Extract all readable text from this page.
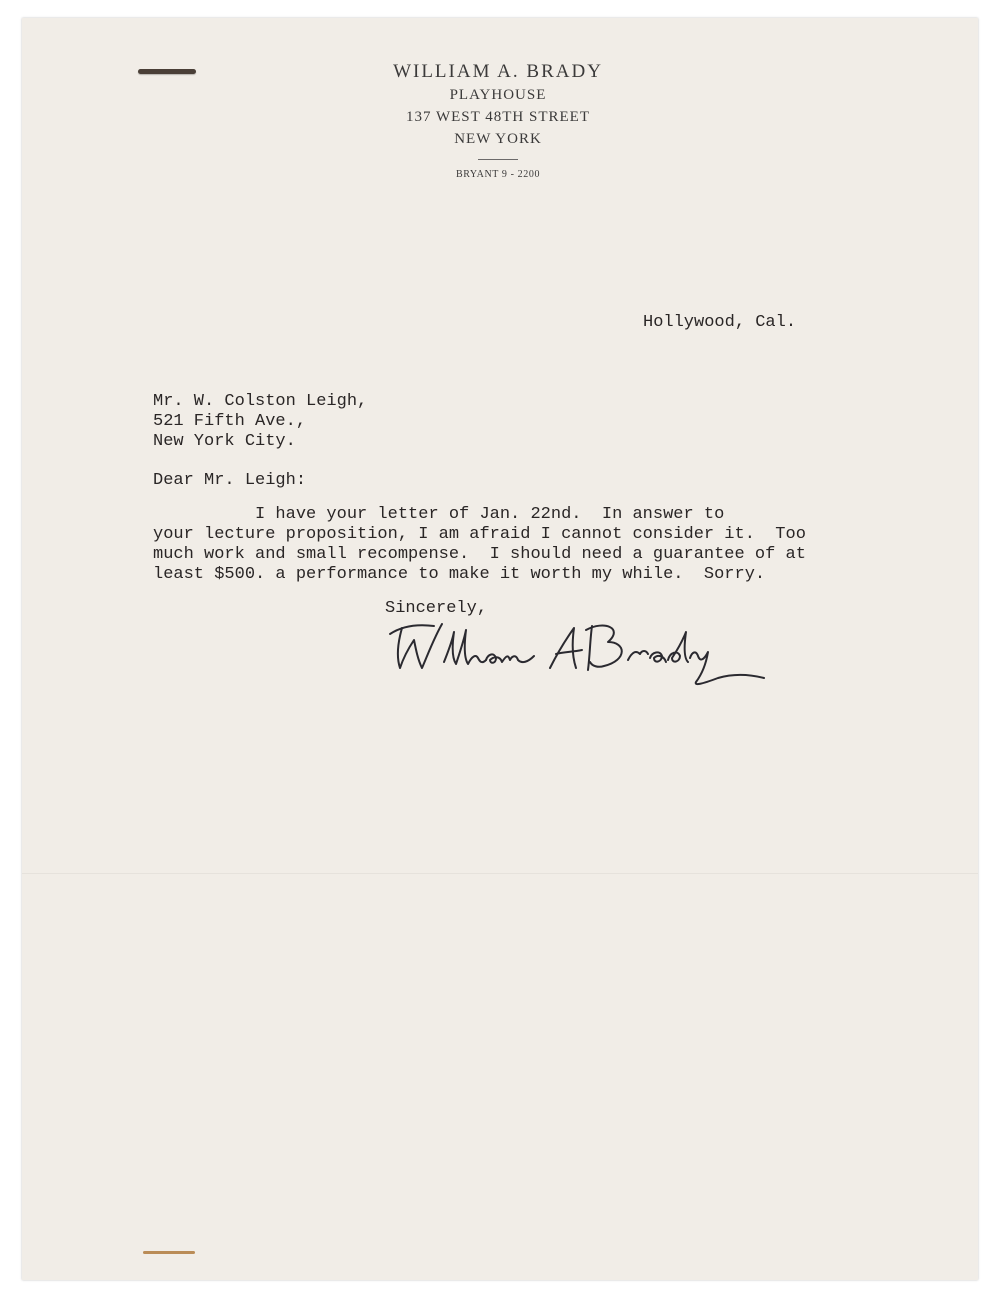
WILLIAM A. BRADY
PLAYHOUSE
137 WEST 48TH STREET
NEW YORK
BRYANT 9 - 2200
Hollywood, Cal.
Mr. W. Colston Leigh,
521 Fifth Ave.,
New York City.
Dear Mr. Leigh:
I have your letter of Jan. 22nd.  In answer to
your lecture proposition, I am afraid I cannot consider it.  Too
much work and small recompense.  I should need a guarantee of at
least $500. a performance to make it worth my while.  Sorry.
Sincerely,
